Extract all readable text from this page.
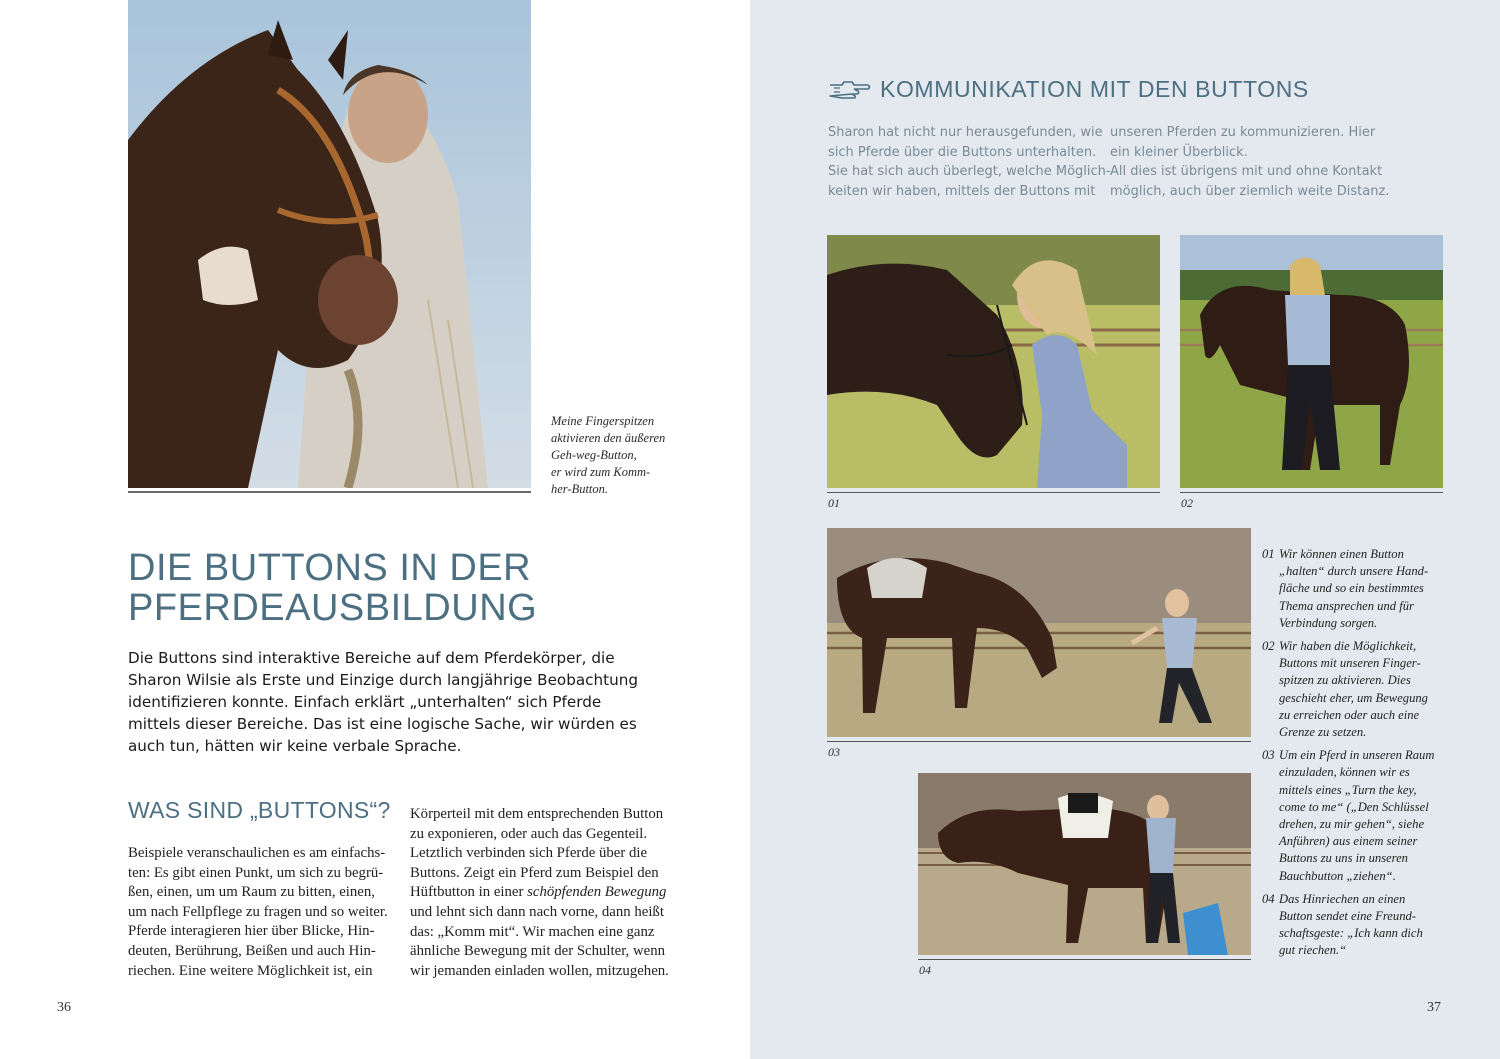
Meine Fingerspitzen
aktivieren den äußeren
Geh-weg-Button,
er wird zum Komm-
her-Button.
DIE BUTTONS IN DER
PFERDEAUSBILDUNG
Die Buttons sind interaktive Bereiche auf dem Pferdekörper, die
Sharon Wilsie als Erste und Einzige durch langjährige Beobachtung
identifizieren konnte. Einfach erklärt „unterhalten“ sich Pferde
mittels dieser Bereiche. Das ist eine logische Sache, wir würden es
auch tun, hätten wir keine verbale Sprache.
WAS SIND „BUTTONS“?
Beispiele veranschaulichen es am einfachs-
ten: Es gibt einen Punkt, um sich zu begrü-
ßen, einen, um um Raum zu bitten, einen,
um nach Fellpflege zu fragen und so weiter.
Pferde interagieren hier über Blicke, Hin-
deuten, Berührung, Beißen und auch Hin-
riechen. Eine weitere Möglichkeit ist, ein
Körperteil mit dem entsprechenden Button
zu exponieren, oder auch das Gegenteil.
Letztlich verbinden sich Pferde über die
Buttons. Zeigt ein Pferd zum Beispiel den
Hüftbutton in einer schöpfenden Bewegung
und lehnt sich dann nach vorne, dann heißt
das: „Komm mit“. Wir machen eine ganz
ähnliche Bewegung mit der Schulter, wenn
wir jemanden einladen wollen, mitzugehen.
36
KOMMUNIKATION MIT DEN BUTTONS
Sharon hat nicht nur herausgefunden, wie
sich Pferde über die Buttons unterhalten.
Sie hat sich auch überlegt, welche Möglich-
keiten wir haben, mittels der Buttons mit
unseren Pferden zu kommunizieren. Hier
ein kleiner Überblick.
All dies ist übrigens mit und ohne Kontakt
möglich, auch über ziemlich weite Distanz.
01	02
03
04
01 Wir können einen Button
„halten“ durch unsere Hand-
fläche und so ein bestimmtes
Thema ansprechen und für
Verbindung sorgen.
02 Wir haben die Möglichkeit,
Buttons mit unseren Finger-
spitzen zu aktivieren. Dies
geschieht eher, um Bewegung
zu erreichen oder auch eine
Grenze zu setzen.
03 Um ein Pferd in unseren Raum
einzuladen, können wir es
mittels eines „Turn the key,
come to me“ („Den Schlüssel
drehen, zu mir gehen“, siehe
Anführen) aus einem seiner
Buttons zu uns in unseren
Bauchbutton „ziehen“.
04 Das Hinriechen an einen
Button sendet eine Freund-
schaftsgeste: „Ich kann dich
gut riechen.“
37
